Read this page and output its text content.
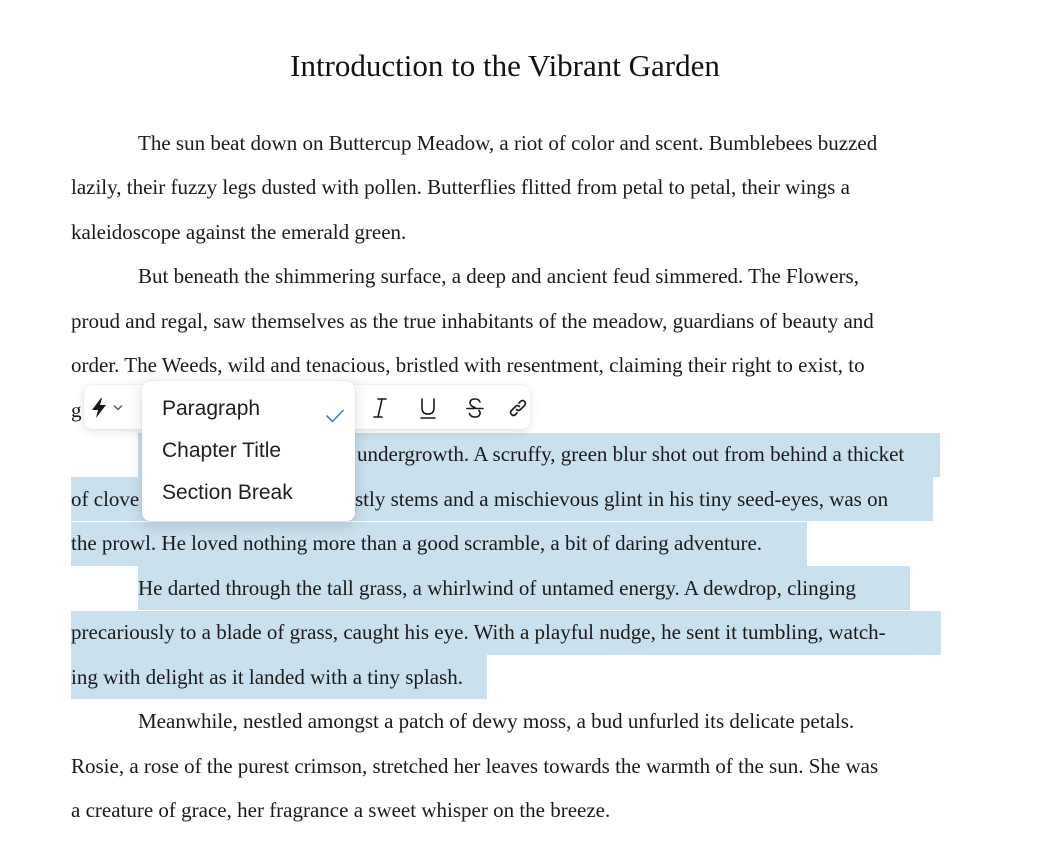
Introduction to the Vibrant Garden
The sun beat down on Buttercup Meadow, a riot of color and scent. Bumblebees buzzed
lazily, their fuzzy legs dusted with pollen. Butterflies flitted from petal to petal, their wings a
kaleidoscope against the emerald green.
But beneath the shimmering surface, a deep and ancient feud simmered. The Flowers,
proud and regal, saw themselves as the true inhabitants of the meadow, guardians of beauty and
order. The Weeds, wild and tenacious, bristled with resentment, claiming their right to exist, to
g
undergrowth. A scruffy, green blur shot out from behind a thicket
of clove	stly stems and a mischievous glint in his tiny seed-eyes, was on
the prowl. He loved nothing more than a good scramble, a bit of daring adventure.
He darted through the tall grass, a whirlwind of untamed energy. A dewdrop, clinging
precariously to a blade of grass, caught his eye. With a playful nudge, he sent it tumbling, watch-
ing with delight as it landed with a tiny splash.
Meanwhile, nestled amongst a patch of dewy moss, a bud unfurled its delicate petals.
Rosie, a rose of the purest crimson, stretched her leaves towards the warmth of the sun. She was
a creature of grace, her fragrance a sweet whisper on the breeze.
Paragraph
Chapter Title
Section Break
